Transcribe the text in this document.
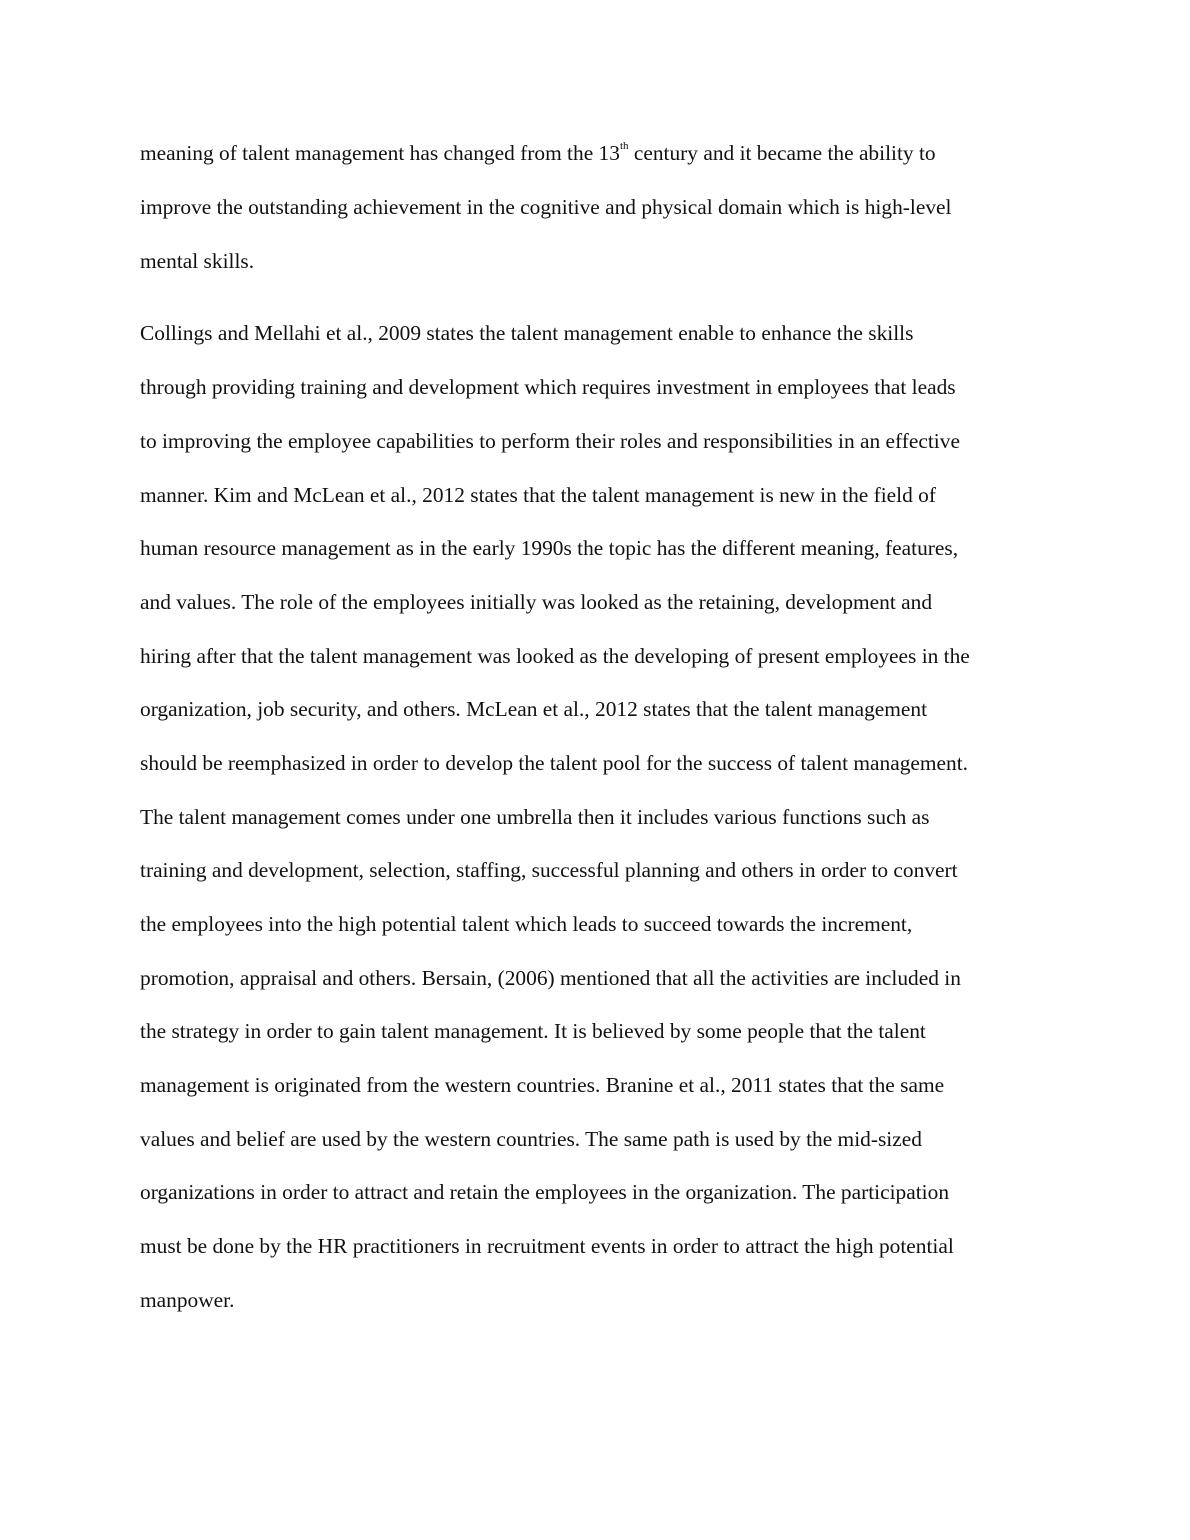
meaning of talent management has changed from the 13th century and it became the ability to

improve the outstanding achievement in the cognitive and physical domain which is high-level

mental skills.

Collings and Mellahi et al., 2009 states the talent management enable to enhance the skills

through providing training and development which requires investment in employees that leads

to improving the employee capabilities to perform their roles and responsibilities in an effective

manner. Kim and McLean et al., 2012 states that the talent management is new in the field of

human resource management as in the early 1990s the topic has the different meaning, features,

and values. The role of the employees initially was looked as the retaining, development and

hiring after that the talent management was looked as the developing of present employees in the

organization, job security, and others. McLean et al., 2012 states that the talent management

should be reemphasized in order to develop the talent pool for the success of talent management.

The talent management comes under one umbrella then it includes various functions such as

training and development, selection, staffing, successful planning and others in order to convert

the employees into the high potential talent which leads to succeed towards the increment,

promotion, appraisal and others. Bersain, (2006) mentioned that all the activities are included in

the strategy in order to gain talent management. It is believed by some people that the talent

management is originated from the western countries. Branine et al., 2011 states that the same

values and belief are used by the western countries. The same path is used by the mid-sized

organizations in order to attract and retain the employees in the organization. The participation

must be done by the HR practitioners in recruitment events in order to attract the high potential

manpower.
